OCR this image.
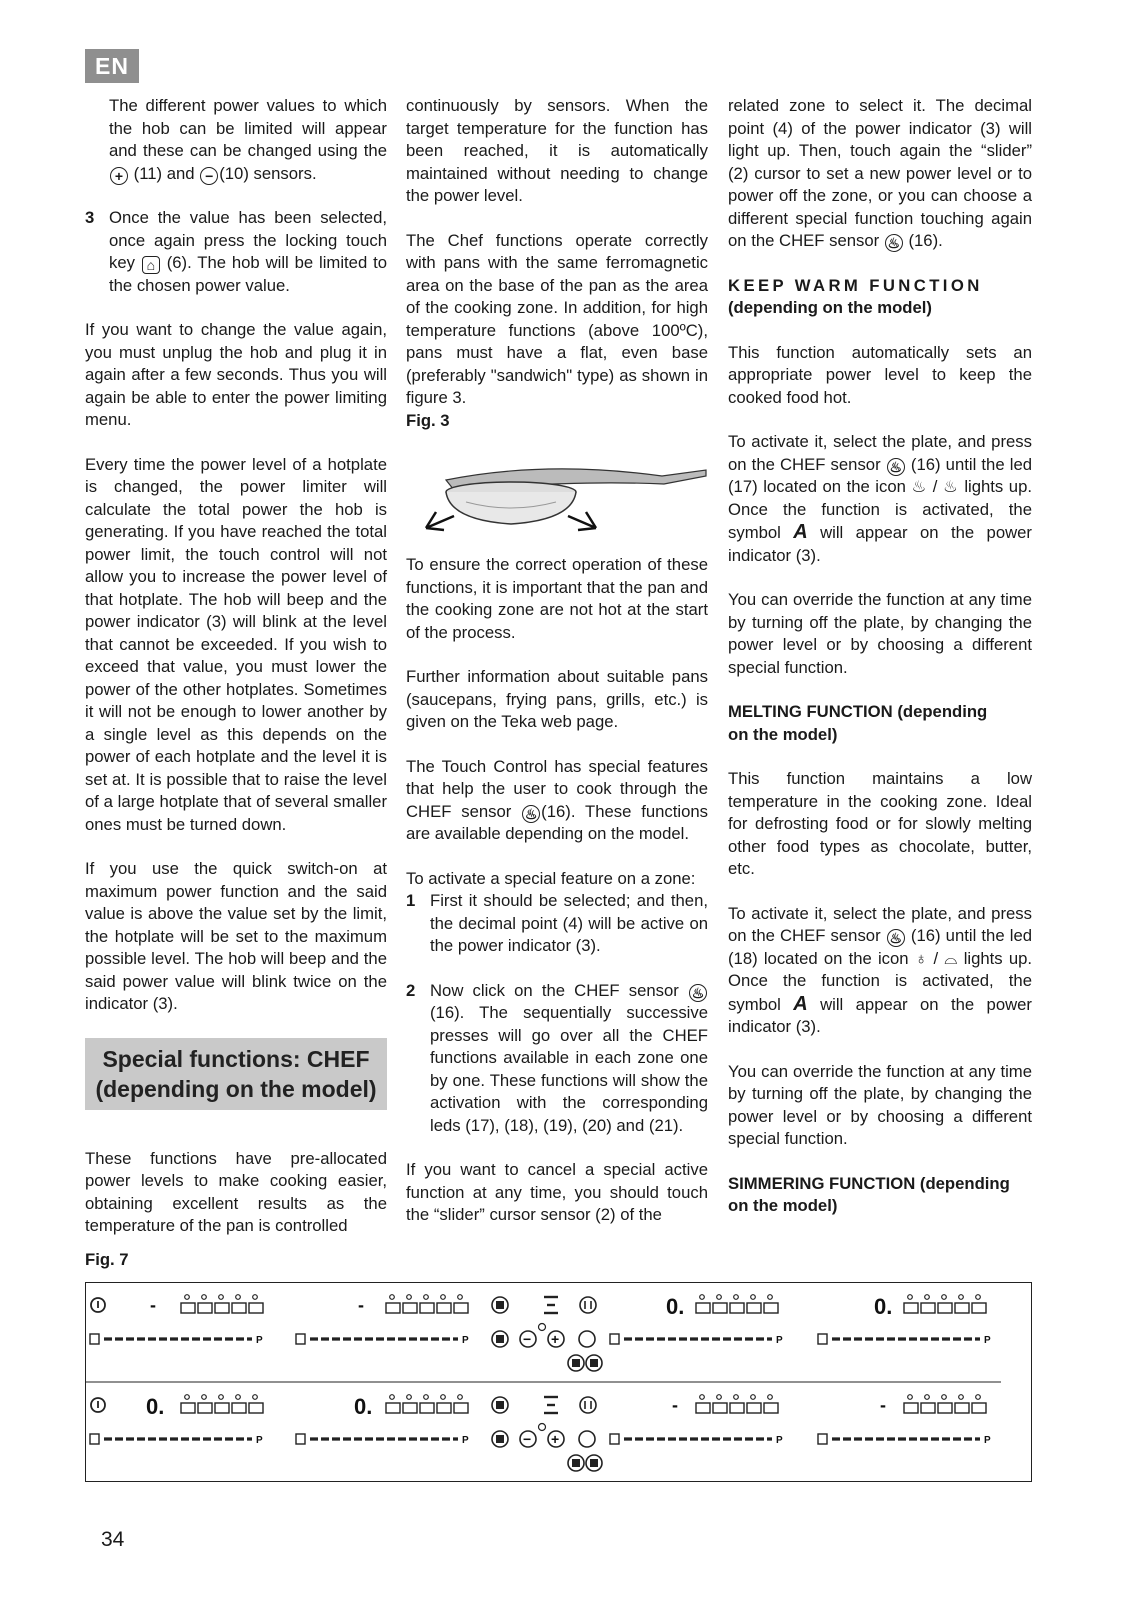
EN

The different power values to which the hob can be limited will appear and these can be changed using the + (11) and − (10) sensors.

3 Once the value has been selected, once again press the locking touch key ⌂ (6). The hob will be limited to the chosen power value.

If you want to change the value again, you must unplug the hob and plug it in again after a few seconds. Thus you will again be able to enter the power limiting menu.

Every time the power level of a hotplate is changed, the power limiter will calculate the total power the hob is generating. If you have reached the total power limit, the touch control will not allow you to increase the power level of that hotplate. The hob will beep and the power indicator (3) will blink at the level that cannot be exceeded. If you wish to exceed that value, you must lower the power of the other hotplates. Sometimes it will not be enough to lower another by a single level as this depends on the power of each hotplate and the level it is set at. It is possible that to raise the level of a large hotplate that of several smaller ones must be turned down.

If you use the quick switch-on at maximum power function and the said value is above the value set by the limit, the hotplate will be set to the maximum possible level. The hob will beep and the said power value will blink twice on the indicator (3).

Special functions: CHEF
(depending on the model)

These functions have pre-allocated power levels to make cooking easier, obtaining excellent results as the temperature of the pan is controlled

continuously by sensors. When the target temperature for the function has been reached, it is automatically maintained without needing to change the power level.

The Chef functions operate correctly with pans with the same ferromagnetic area on the base of the pan as the area of the cooking zone. In addition, for high temperature functions (above 100ºC), pans must have a flat, even base (preferably "sandwich" type) as shown in figure 3.

Fig. 3

To ensure the correct operation of these functions, it is important that the pan and the cooking zone are not hot at the start of the process.

Further information about suitable pans (saucepans, frying pans, grills, etc.) is given on the Teka web page.

The Touch Control has special features that help the user to cook through the CHEF sensor ♨ (16). These functions are available depending on the model.

To activate a special feature on a zone:

1 First it should be selected; and then, the decimal point (4) will be active on the power indicator (3).
2 Now click on the CHEF sensor ♨ (16). The sequentially successive presses will go over all the CHEF functions available in each zone one by one. These functions will show the activation with the corresponding leds (17), (18), (19), (20) and (21).

If you want to cancel a special active function at any time, you should touch the “slider” cursor sensor (2) of the

related zone to select it. The decimal point (4) of the power indicator (3) will light up. Then, touch again the “slider” (2) cursor to set a new power level or to power off the zone, or you can choose a different special function touching again on the CHEF sensor ♨ (16).

KEEP WARM FUNCTION
(depending on the model)

This function automatically sets an appropriate power level to keep the cooked food hot.

To activate it, select the plate, and press on the CHEF sensor ♨ (16) until the led (17) located on the icon ♨ / ♨ lights up. Once the function is activated, the symbol A will appear on the power indicator (3).

You can override the function at any time by turning off the plate, by changing the power level or by choosing a different special function.

MELTING FUNCTION (depending
on the model)

This function maintains a low temperature in the cooking zone. Ideal for defrosting food or for slowly melting other food types as chocolate, butter, etc.

To activate it, select the plate, and press on the CHEF sensor ♨ (16) until the led (18) located on the icon ♁ / ⌓ lights up. Once the function is activated, the symbol A will appear on the power indicator (3).

You can override the function at any time by turning off the plate, by changing the power level or by choosing a different special function.

SIMMERING FUNCTION (depending
on the model)
Fig. 7
-	-	0.	0.
P	P	− +	P	P
0.	0.	-	-
P	P	− +	P	P
34
